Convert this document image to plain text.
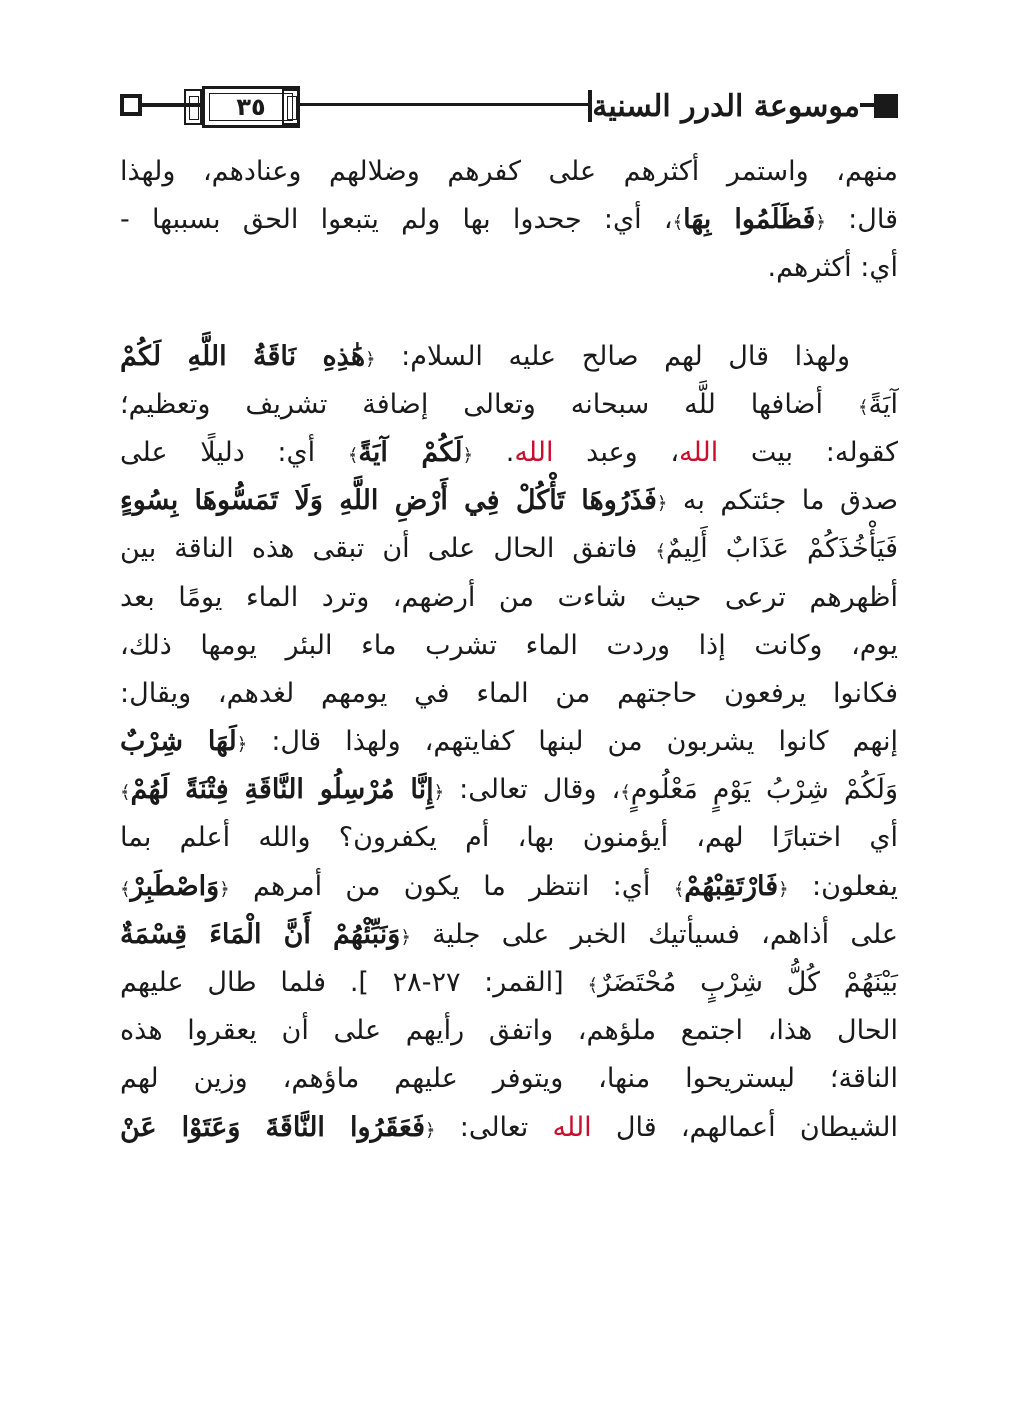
٣٥	موسوعة الدرر السنية
منهم، واستمر أكثرهم على كفرهم وضلالهم وعنادهم، ولهذا
قال: ﴿فَظَلَمُوا بِهَا﴾، أي: جحدوا بها ولم يتبعوا الحق بسببها -
أي: أكثرهم.
ولهذا قال لهم صالح عليه السلام: ﴿هَٰذِهِ نَاقَةُ اللَّهِ لَكُمْ
آيَةً﴾ أضافها للَّه سبحانه وتعالى إضافة تشريف وتعظيم؛
كقوله: بيت الله، وعبد الله. ﴿لَكُمْ آيَةً﴾ أي: دليلًا على
صدق ما جئتكم به ﴿فَذَرُوهَا تَأْكُلْ فِي أَرْضِ اللَّهِ وَلَا تَمَسُّوهَا بِسُوءٍ
فَيَأْخُذَكُمْ عَذَابٌ أَلِيمٌ﴾ فاتفق الحال على أن تبقى هذه الناقة بين
أظهرهم ترعى حيث شاءت من أرضهم، وترد الماء يومًا بعد
يوم، وكانت إذا وردت الماء تشرب ماء البئر يومها ذلك،
فكانوا يرفعون حاجتهم من الماء في يومهم لغدهم، ويقال:
إنهم كانوا يشربون من لبنها كفايتهم، ولهذا قال: ﴿لَهَا شِرْبٌ
وَلَكُمْ شِرْبُ يَوْمٍ مَعْلُومٍ﴾، وقال تعالى: ﴿إِنَّا مُرْسِلُو النَّاقَةِ فِتْنَةً لَهُمْ﴾
أي اختبارًا لهم، أيؤمنون بها، أم يكفرون؟ والله أعلم بما
يفعلون: ﴿فَارْتَقِبْهُمْ﴾ أي: انتظر ما يكون من أمرهم ﴿وَاصْطَبِرْ﴾
على أذاهم، فسيأتيك الخبر على جلية ﴿وَنَبِّئْهُمْ أَنَّ الْمَاءَ قِسْمَةٌ
بَيْنَهُمْ كُلُّ شِرْبٍ مُحْتَضَرٌ﴾ [القمر: ٢٧-٢٨ ]. فلما طال عليهم
الحال هذا، اجتمع ملؤهم، واتفق رأيهم على أن يعقروا هذه
الناقة؛ ليستريحوا منها، ويتوفر عليهم ماؤهم، وزين لهم
الشيطان أعمالهم، قال الله تعالى: ﴿فَعَقَرُوا النَّاقَةَ وَعَتَوْا عَنْ
